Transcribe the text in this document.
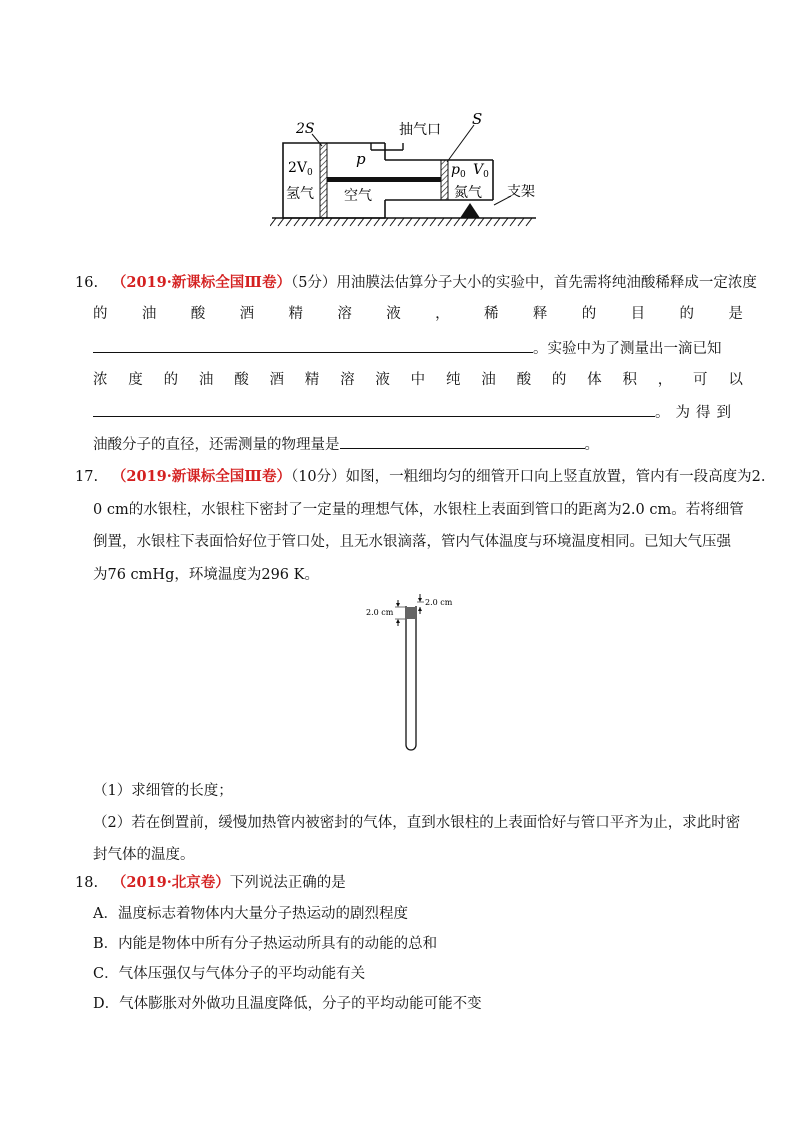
2S	抽气口
S
$2V_0$
氢气
p
空气
$p_0$ $V_0$
氮气 支架
16. （2019·新课标全国Ⅲ卷）（5分）用油膜法估算分子大小的实验中，首先需将纯油酸稀释成一定浓度
的 油 酸 酒 精 溶 液 ， 稀 释 的 目 的 是
。实验中为了测量出一滴已知
浓 度 的 油 酸 酒 精 溶 液 中 纯 油 酸 的 体 积 ， 可 以
。为得到
油酸分子的直径，还需测量的物理量是	。
17. （2019·新课标全国Ⅲ卷）（10分）如图，一粗细均匀的细管开口向上竖直放置，管内有一段高度为2.
0 cm的水银柱，水银柱下密封了一定量的理想气体，水银柱上表面到管口的距离为2.0 cm。若将细管
倒置，水银柱下表面恰好位于管口处，且无水银滴落，管内气体温度与环境温度相同。已知大气压强
为76 cmHg，环境温度为296 K。
2.0 cm
2.0 cm
（1）求细管的长度；
（2）若在倒置前，缓慢加热管内被密封的气体，直到水银柱的上表面恰好与管口平齐为止，求此时密
封气体的温度。
18. （2019·北京卷）下列说法正确的是
A．温度标志着物体内大量分子热运动的剧烈程度
B．内能是物体中所有分子热运动所具有的动能的总和
C．气体压强仅与气体分子的平均动能有关
D．气体膨胀对外做功且温度降低，分子的平均动能可能不变
